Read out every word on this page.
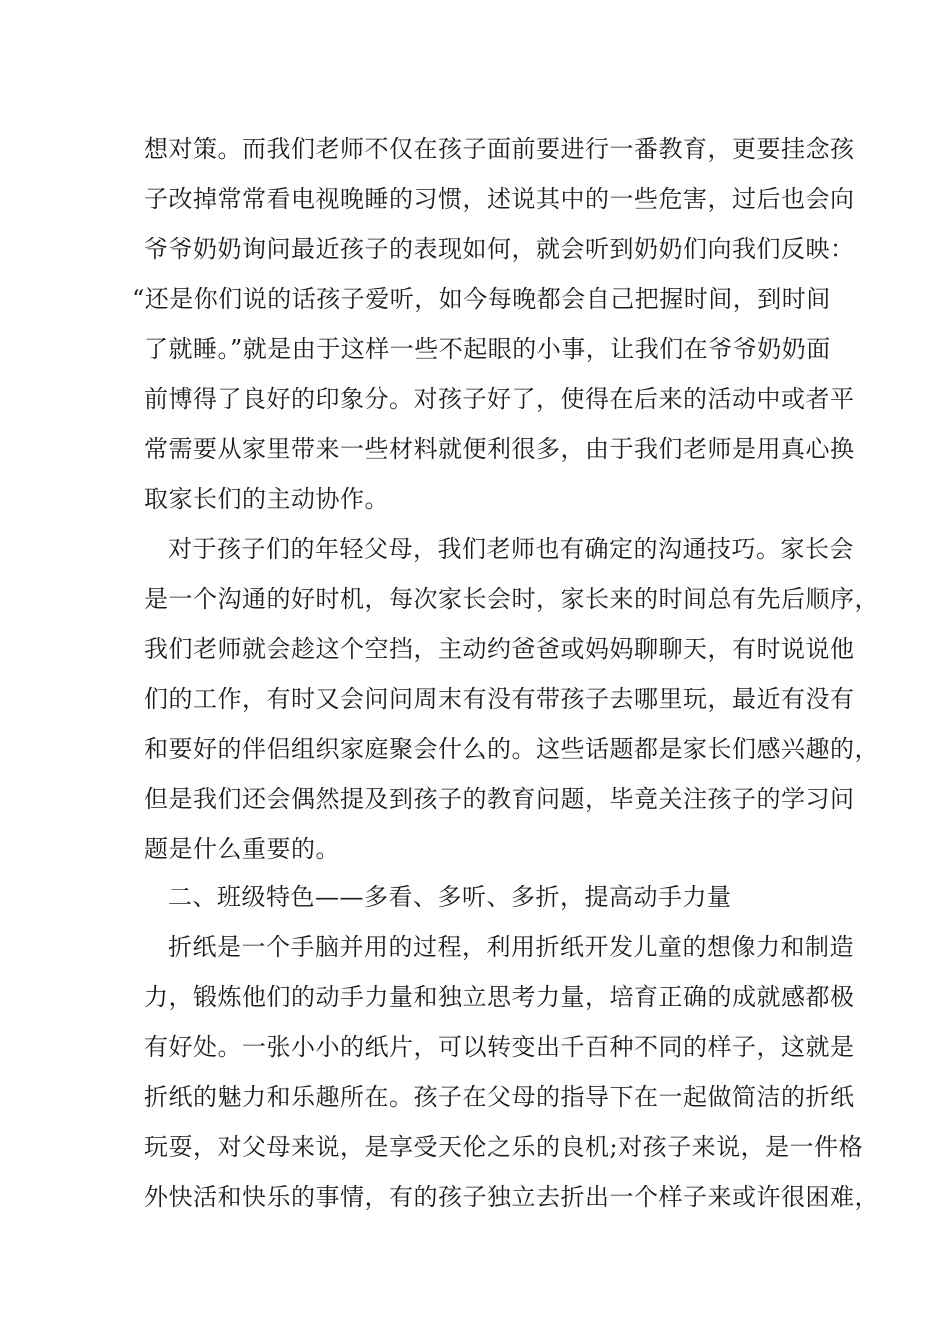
想对策。而我们老师不仅在孩子面前要进行一番教育，更要挂念孩
子改掉常常看电视晚睡的习惯，述说其中的一些危害，过后也会向
爷爷奶奶询问最近孩子的表现如何，就会听到奶奶们向我们反映：
“还是你们说的话孩子爱听，如今每晚都会自己把握时间，到时间
了就睡。”就是由于这样一些不起眼的小事，让我们在爷爷奶奶面
前博得了良好的印象分。对孩子好了，使得在后来的活动中或者平
常需要从家里带来一些材料就便利很多，由于我们老师是用真心换
取家长们的主动协作。
对于孩子们的年轻父母，我们老师也有确定的沟通技巧。家长会
是一个沟通的好时机，每次家长会时，家长来的时间总有先后顺序，
我们老师就会趁这个空挡，主动约爸爸或妈妈聊聊天，有时说说他
们的工作，有时又会问问周末有没有带孩子去哪里玩，最近有没有
和要好的伴侣组织家庭聚会什么的。这些话题都是家长们感兴趣的，
但是我们还会偶然提及到孩子的教育问题，毕竟关注孩子的学习问
题是什么重要的。
二、班级特色——多看、多听、多折，提高动手力量
折纸是一个手脑并用的过程，利用折纸开发儿童的想像力和制造
力，锻炼他们的动手力量和独立思考力量，培育正确的成就感都极
有好处。一张小小的纸片，可以转变出千百种不同的样子，这就是
折纸的魅力和乐趣所在。孩子在父母的指导下在一起做简洁的折纸
玩耍，对父母来说，是享受天伦之乐的良机;对孩子来说，是一件格
外快活和快乐的事情，有的孩子独立去折出一个样子来或许很困难，
